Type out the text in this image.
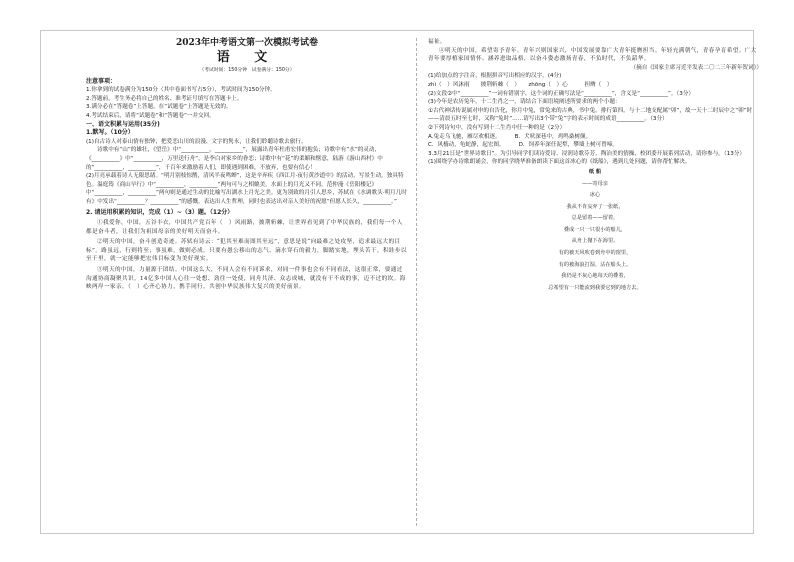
2023年中考语文第一次模拟考试卷

语 文

（考试时间：150分钟　试卷满分：150分）

注意事项：

1.你拿到的试卷满分为150分（其中卷面书写占5分），考试时间为150分钟。

2.答题前，考生务必将自己的姓名、准考证号填写在答题卡上。

3.满分必在“答题卷”上答题，在“试题卷”上答题是无效的。

4.考试结束后，请将“试题卷”和“答题卷”一并交回。

一、语文积累与运用(35分)

1.默写。（10分）

(1)自古诗人对泰山情有独钟，把爱恋山川的浪漫、文字的隽永，让我们聆聽诗歌去旅行。

诗歌中有“山”的雄壮，《望岳》中“__________，__________”，展露出青年杜甫宏伟的抱负；诗歌中有“水”的灵动，《__________》中“__________，万里送行舟”，是李白对家乡的眷恋；诗歌中有“花”的柔媚和惬意，陆游《游山西村》中的“__________，__________”，千百年来激励着人们，即使遇到困难，不放弃，也要有信心！

(2)月亮承载着诗人无限思绪。“明月别枝惊鹊，清风半夜鸣蝉”，这是辛弃疾《西江月·夜行黄沙道中》的活动，写景生动，独具特色。温庭筠《商山早行》中“__________，__________”两句可与之相媲美。水面上的月光又不同，范仲淹《岳阳楼记》中“__________，__________”两句则是通过生动的比喻写出湖水上月光之美。更为别致的月引人思乡，苏轼在《水调歌头·明月几时有》中发出“__________？__________”的感慨，表达出人生哲理，同时也表达出对亲人美好的祝愿“但愿人长久，__________。”

2. 请运用积累的知识，完成（1）~（3）题。（12分）

①我爱你，中国，五谷丰衣，中国共产党百年（　）风雨路，披荆斩棘，让世界看见到了中华民族的，我们每一个人都是奋斗者，让我们为祖国母亲的美好明天而奋斗。

②明天的中国，奋斗创造奇迹。苏轼有诗云：“犯其至难而图其至远”，意思是说“向最难之处攻坚，追求最远大的目标”。路虽远，行则将至；事虽难，做则必成。只要有愚公移山的志气、滴水穿石的毅力，脚踏实地，埋头苦干，积跬步以至千里，就一定能够把宏伟目标变为美好现实。

③明天的中国，力量源于团结。中国这么大，不同人会有不同诉求，对同一件事也会有不同看法，这很正常，要通过沟通协商凝聚共识。14亿多中国人心往一处想、劲往一处使，同舟共济、众志成城，就没有干不成的事，迈不过的坎。海峡两岸一家亲，（　）心齐心协力，携手同行，共创中华民族伟大复兴的美好前景。

福祉。

④明天的中国，希望寄予青年。青年兴则国家兴，中国发展要靠广大青年挺膺担当。年轻充满朝气，青春孕育希望。广大青年要厚植家国情怀、涵养进取品格，以奋斗姿态激扬青春，不负时代，不负韶华。

（摘自《国家主席习近平发表二〇二三年新年贺词》）

(1)给加点的字注音，根据拼音写出相应的汉字。(4分)

zhì（　）风沐雨　　披荆斩棘（　）　　zhōng（　）心　　　担膺（　）

(2)文段②中“__________”一词有错别字，这个词的正确写法是“__________”，含义是“__________”。（3分）

(3)今年是农历兔年，十二生肖之一，请结合下面语境阐述所要求的两个小题：

①古代神话传说属对申的自告化，你月中兔，常兔来的古典，书中兔。排行第四。与十二地支配属“卯”，故一天十二时辰中之“卯”时——清晨五时至七时，又称“兔时”……请写出3个带“兔”字的表示时间的成语__________。（3分）

②下列诗句中，没有写到十二生肖中任一种的是（2分）

A.兔走乌飞驰，雁尽欢相逐。　　　B．犬吠深巷中，鸡鸣桑树颠。

C．风樯动，龟蛇静，起宏图。　　　D．饲养年深任泥犁，攀墙上树可曾啼。

3.3月21日是“世界诗歌日”。为引导同学们读诗爱诗、浸润诗歌芬芳，陶冶美的情操，校团委开展系列活动，请你参与。（13分）

(1)围绕学办诗歌朗诵会，你的同学晓华准备朗读下面这首冰心的《纸船》，遇到几处问题，请你帮忙解决。

纸 船

——寄母亲

冰心

我从不肯妄弃了一张纸，

总是留着——留着，

叠成一只一只很小的船儿，

从舟上抛下在海里。

有的被天风吹卷到舟中的窗里，

有的被海浪打湿，沾在船头上。

我仍是不灰心地每天的叠着，

总希望有一只能流到我要它到的地方去。
